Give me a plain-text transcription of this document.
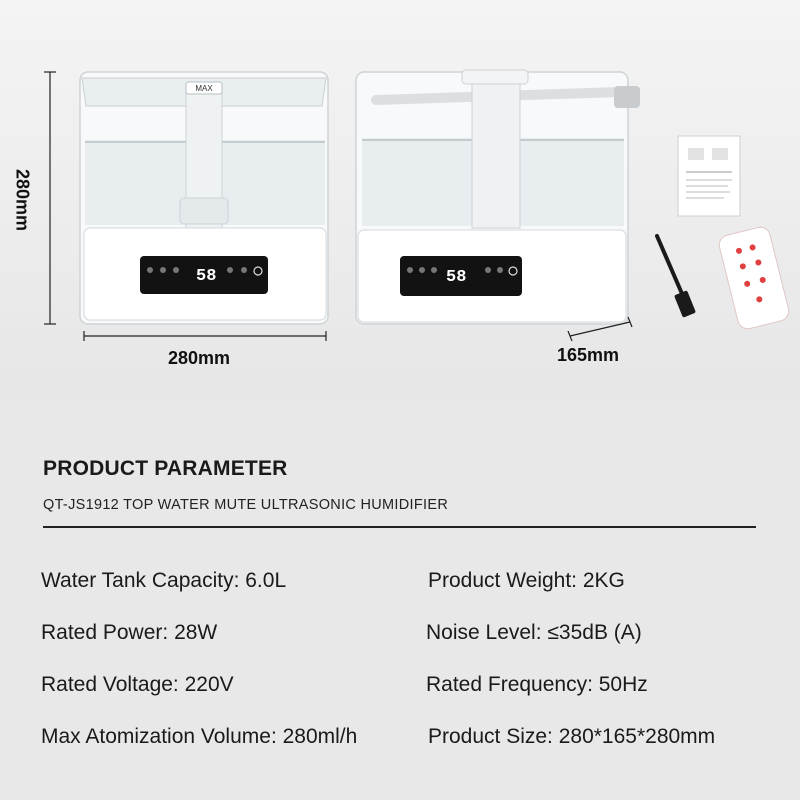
MAX
58	58
280mm
280mm	165mm
PRODUCT PARAMETER
QT-JS1912 TOP WATER MUTE ULTRASONIC HUMIDIFIER
Water Tank Capacity: 6.0L
Rated Power: 28W
Rated Voltage: 220V
Max Atomization Volume: 280ml/h
Product Weight: 2KG
Noise Level: ≤35dB (A)
Rated Frequency: 50Hz
Product Size: 280*165*280mm
